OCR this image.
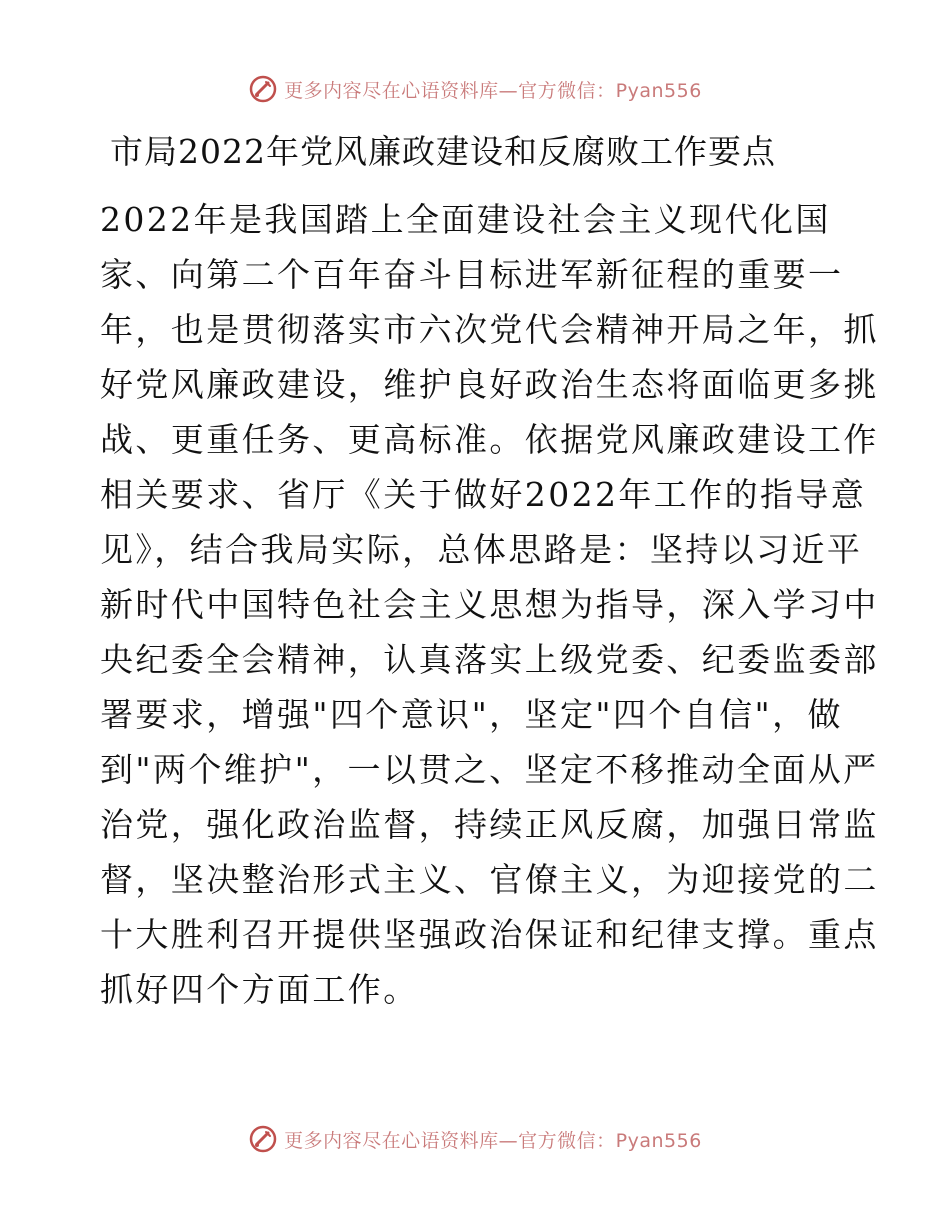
更多内容尽在心语资料库—官方微信：Pyan556
市局2022年党风廉政建设和反腐败工作要点
2022年是我国踏上全面建设社会主义现代化国
家、向第二个百年奋斗目标进军新征程的重要一
年，也是贯彻落实市六次党代会精神开局之年，抓
好党风廉政建设，维护良好政治生态将面临更多挑
战、更重任务、更高标准。依据党风廉政建设工作
相关要求、省厅《关于做好2022年工作的指导意
见》，结合我局实际，总体思路是：坚持以习近平
新时代中国特色社会主义思想为指导，深入学习中
央纪委全会精神，认真落实上级党委、纪委监委部
署要求，增强"四个意识"，坚定"四个自信"，做
到"两个维护"，一以贯之、坚定不移推动全面从严
治党，强化政治监督，持续正风反腐，加强日常监
督，坚决整治形式主义、官僚主义，为迎接党的二
十大胜利召开提供坚强政治保证和纪律支撑。重点
抓好四个方面工作。
更多内容尽在心语资料库—官方微信：Pyan556
